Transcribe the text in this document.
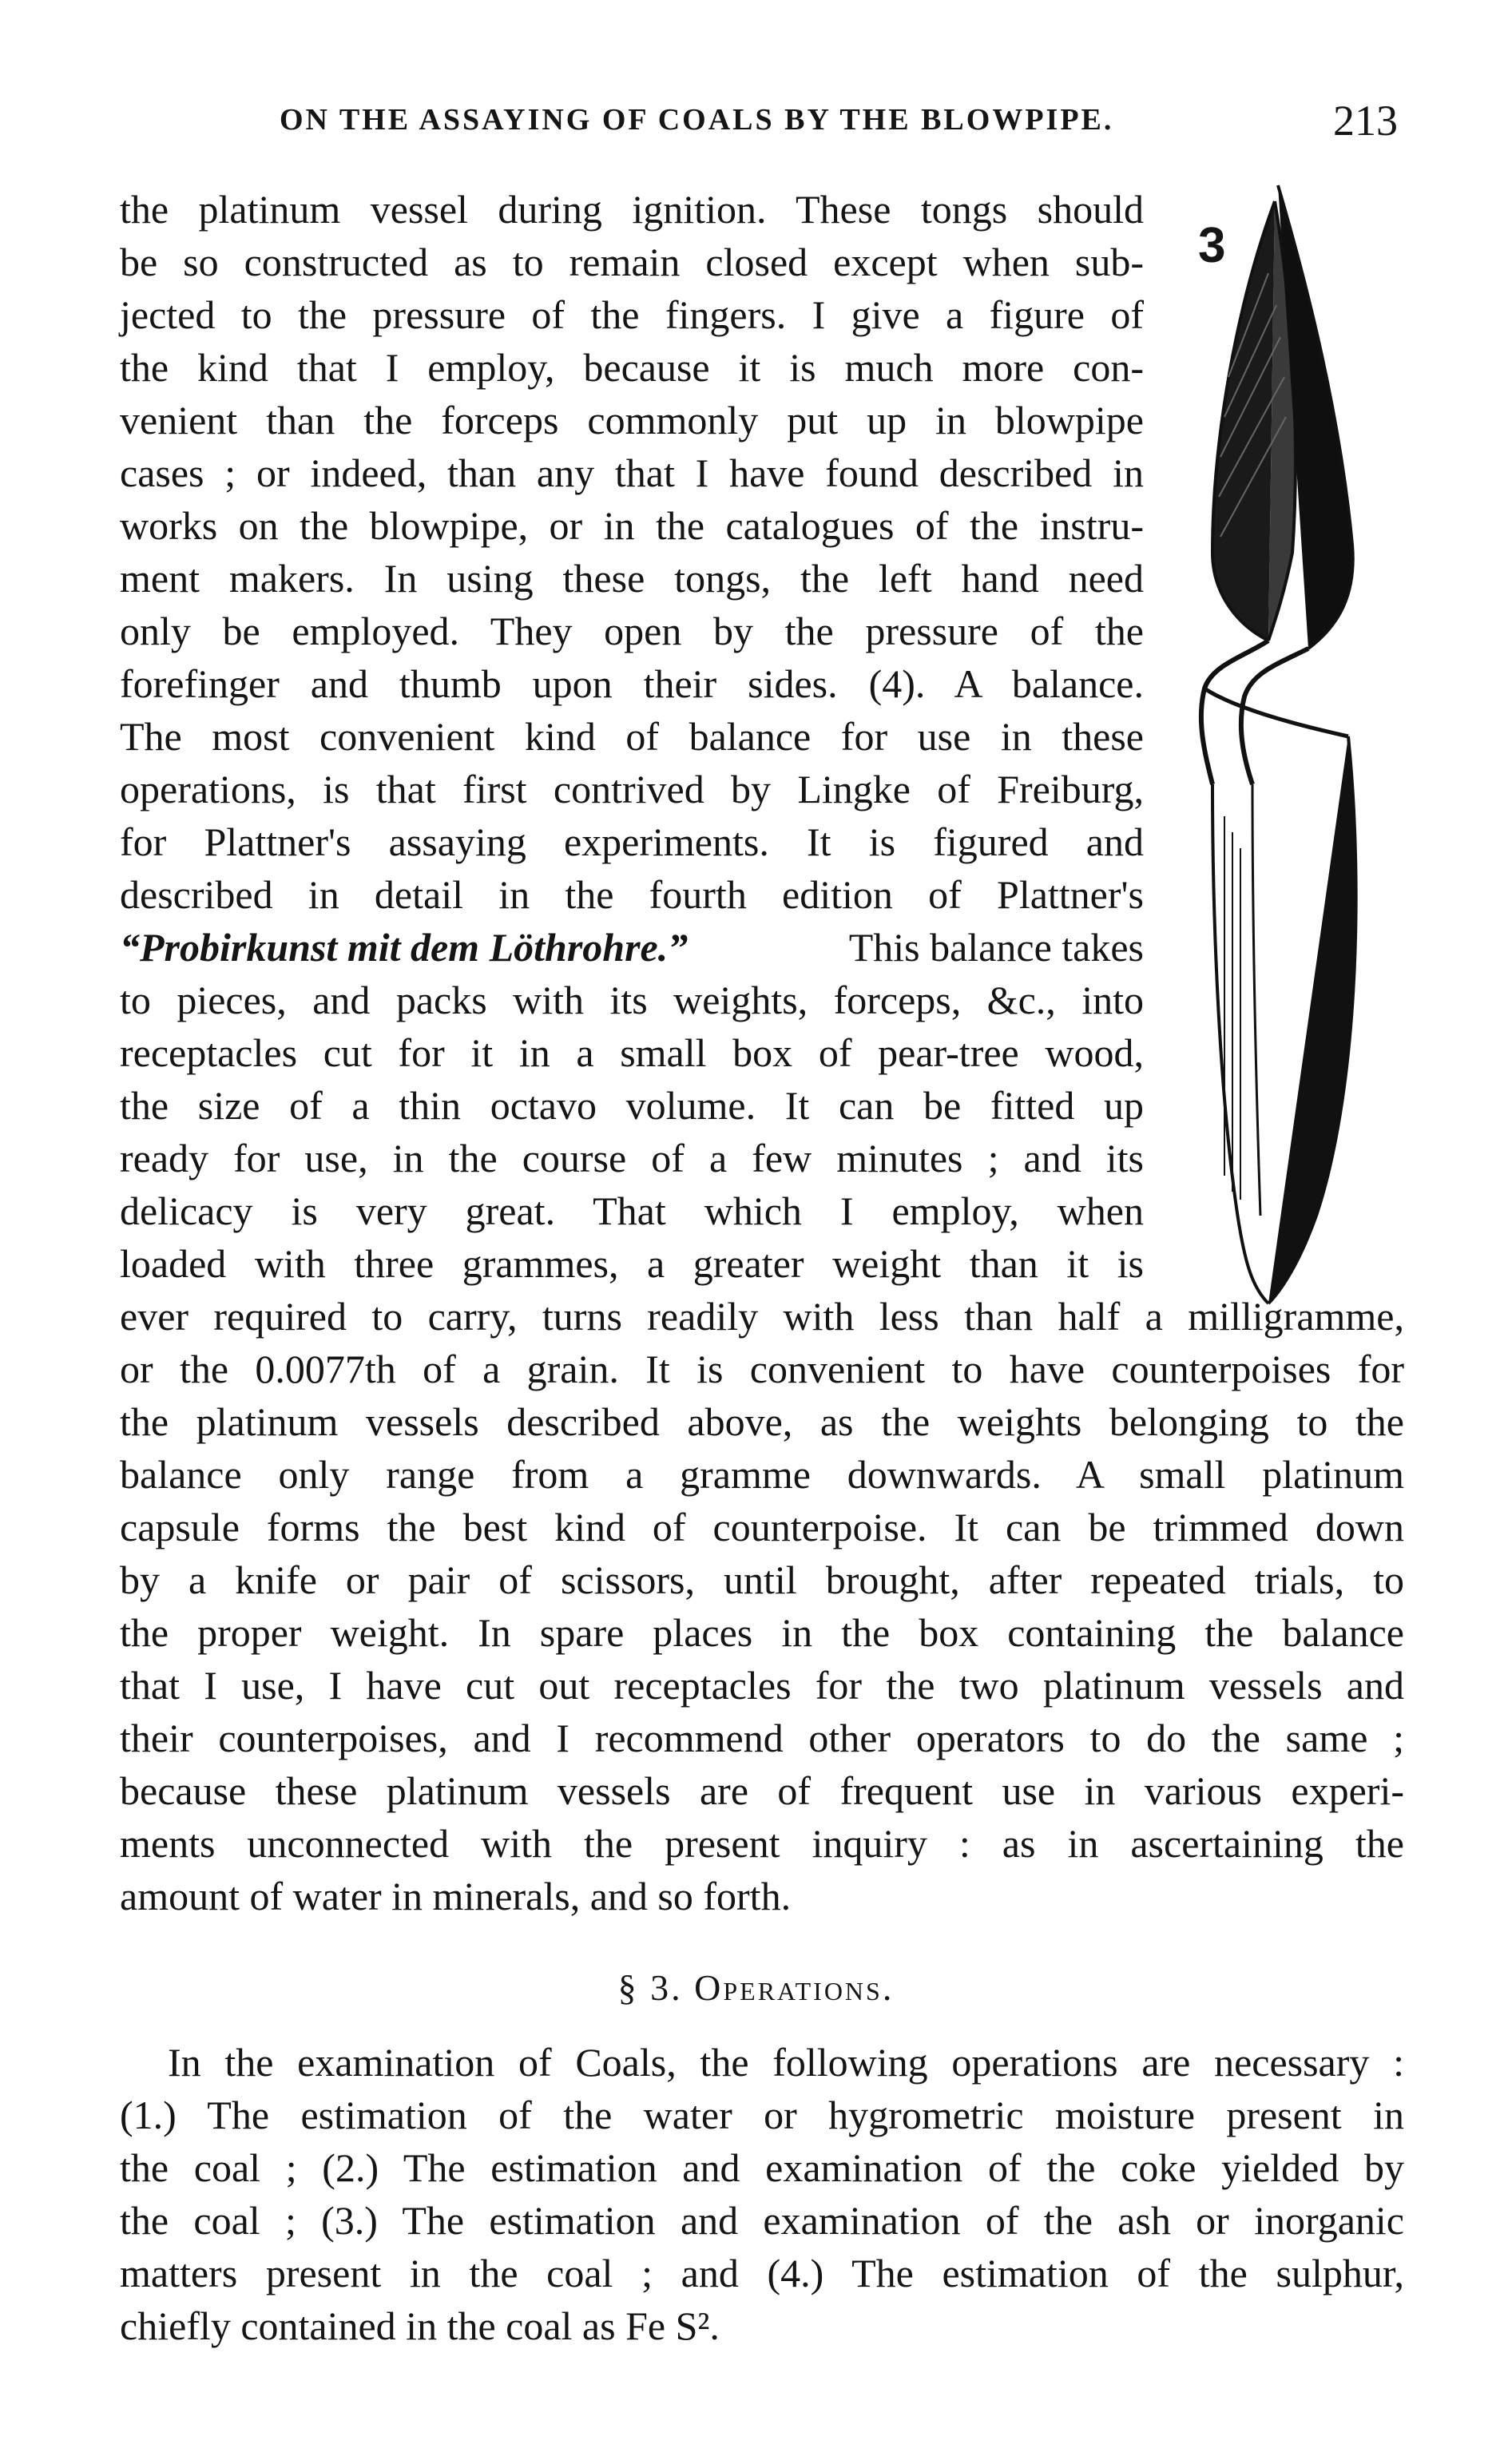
ON THE ASSAYING OF COALS BY THE BLOWPIPE.	213
3
the platinum vessel during ignition. These tongs should
be so constructed as to remain closed except when sub-
jected to the pressure of the fingers. I give a figure of
the kind that I employ, because it is much more con-
venient than the forceps commonly put up in blowpipe
cases ; or indeed, than any that I have found described in
works on the blowpipe, or in the catalogues of the instru-
ment makers. In using these tongs, the left hand need
only be employed. They open by the pressure of the
forefinger and thumb upon their sides. (4). A balance.
The most convenient kind of balance for use in these
operations, is that first contrived by Lingke of Freiburg,
for Plattner's assaying experiments. It is figured and
described in detail in the fourth edition of Plattner's
“Probirkunst mit dem Löthrohre.”	This balance takes
to pieces, and packs with its weights, forceps, &c., into
receptacles cut for it in a small box of pear-tree wood,
the size of a thin octavo volume. It can be fitted up
ready for use, in the course of a few minutes ; and its
delicacy is very great. That which I employ, when
loaded with three grammes, a greater weight than it is
ever required to carry, turns readily with less than half a milligramme,
or the 0.0077th of a grain. It is convenient to have counterpoises for
the platinum vessels described above, as the weights belonging to the
balance only range from a gramme downwards. A small platinum
capsule forms the best kind of counterpoise. It can be trimmed down
by a knife or pair of scissors, until brought, after repeated trials, to
the proper weight. In spare places in the box containing the balance
that I use, I have cut out receptacles for the two platinum vessels and
their counterpoises, and I recommend other operators to do the same ;
because these platinum vessels are of frequent use in various experi-
ments unconnected with the present inquiry : as in ascertaining the
amount of water in minerals, and so forth.
§ 3. Operations.
In the examination of Coals, the following operations are necessary :
(1.) The estimation of the water or hygrometric moisture present in
the coal ; (2.) The estimation and examination of the coke yielded by
the coal ; (3.) The estimation and examination of the ash or inorganic
matters present in the coal ; and (4.) The estimation of the sulphur,
chiefly contained in the coal as Fe S².
